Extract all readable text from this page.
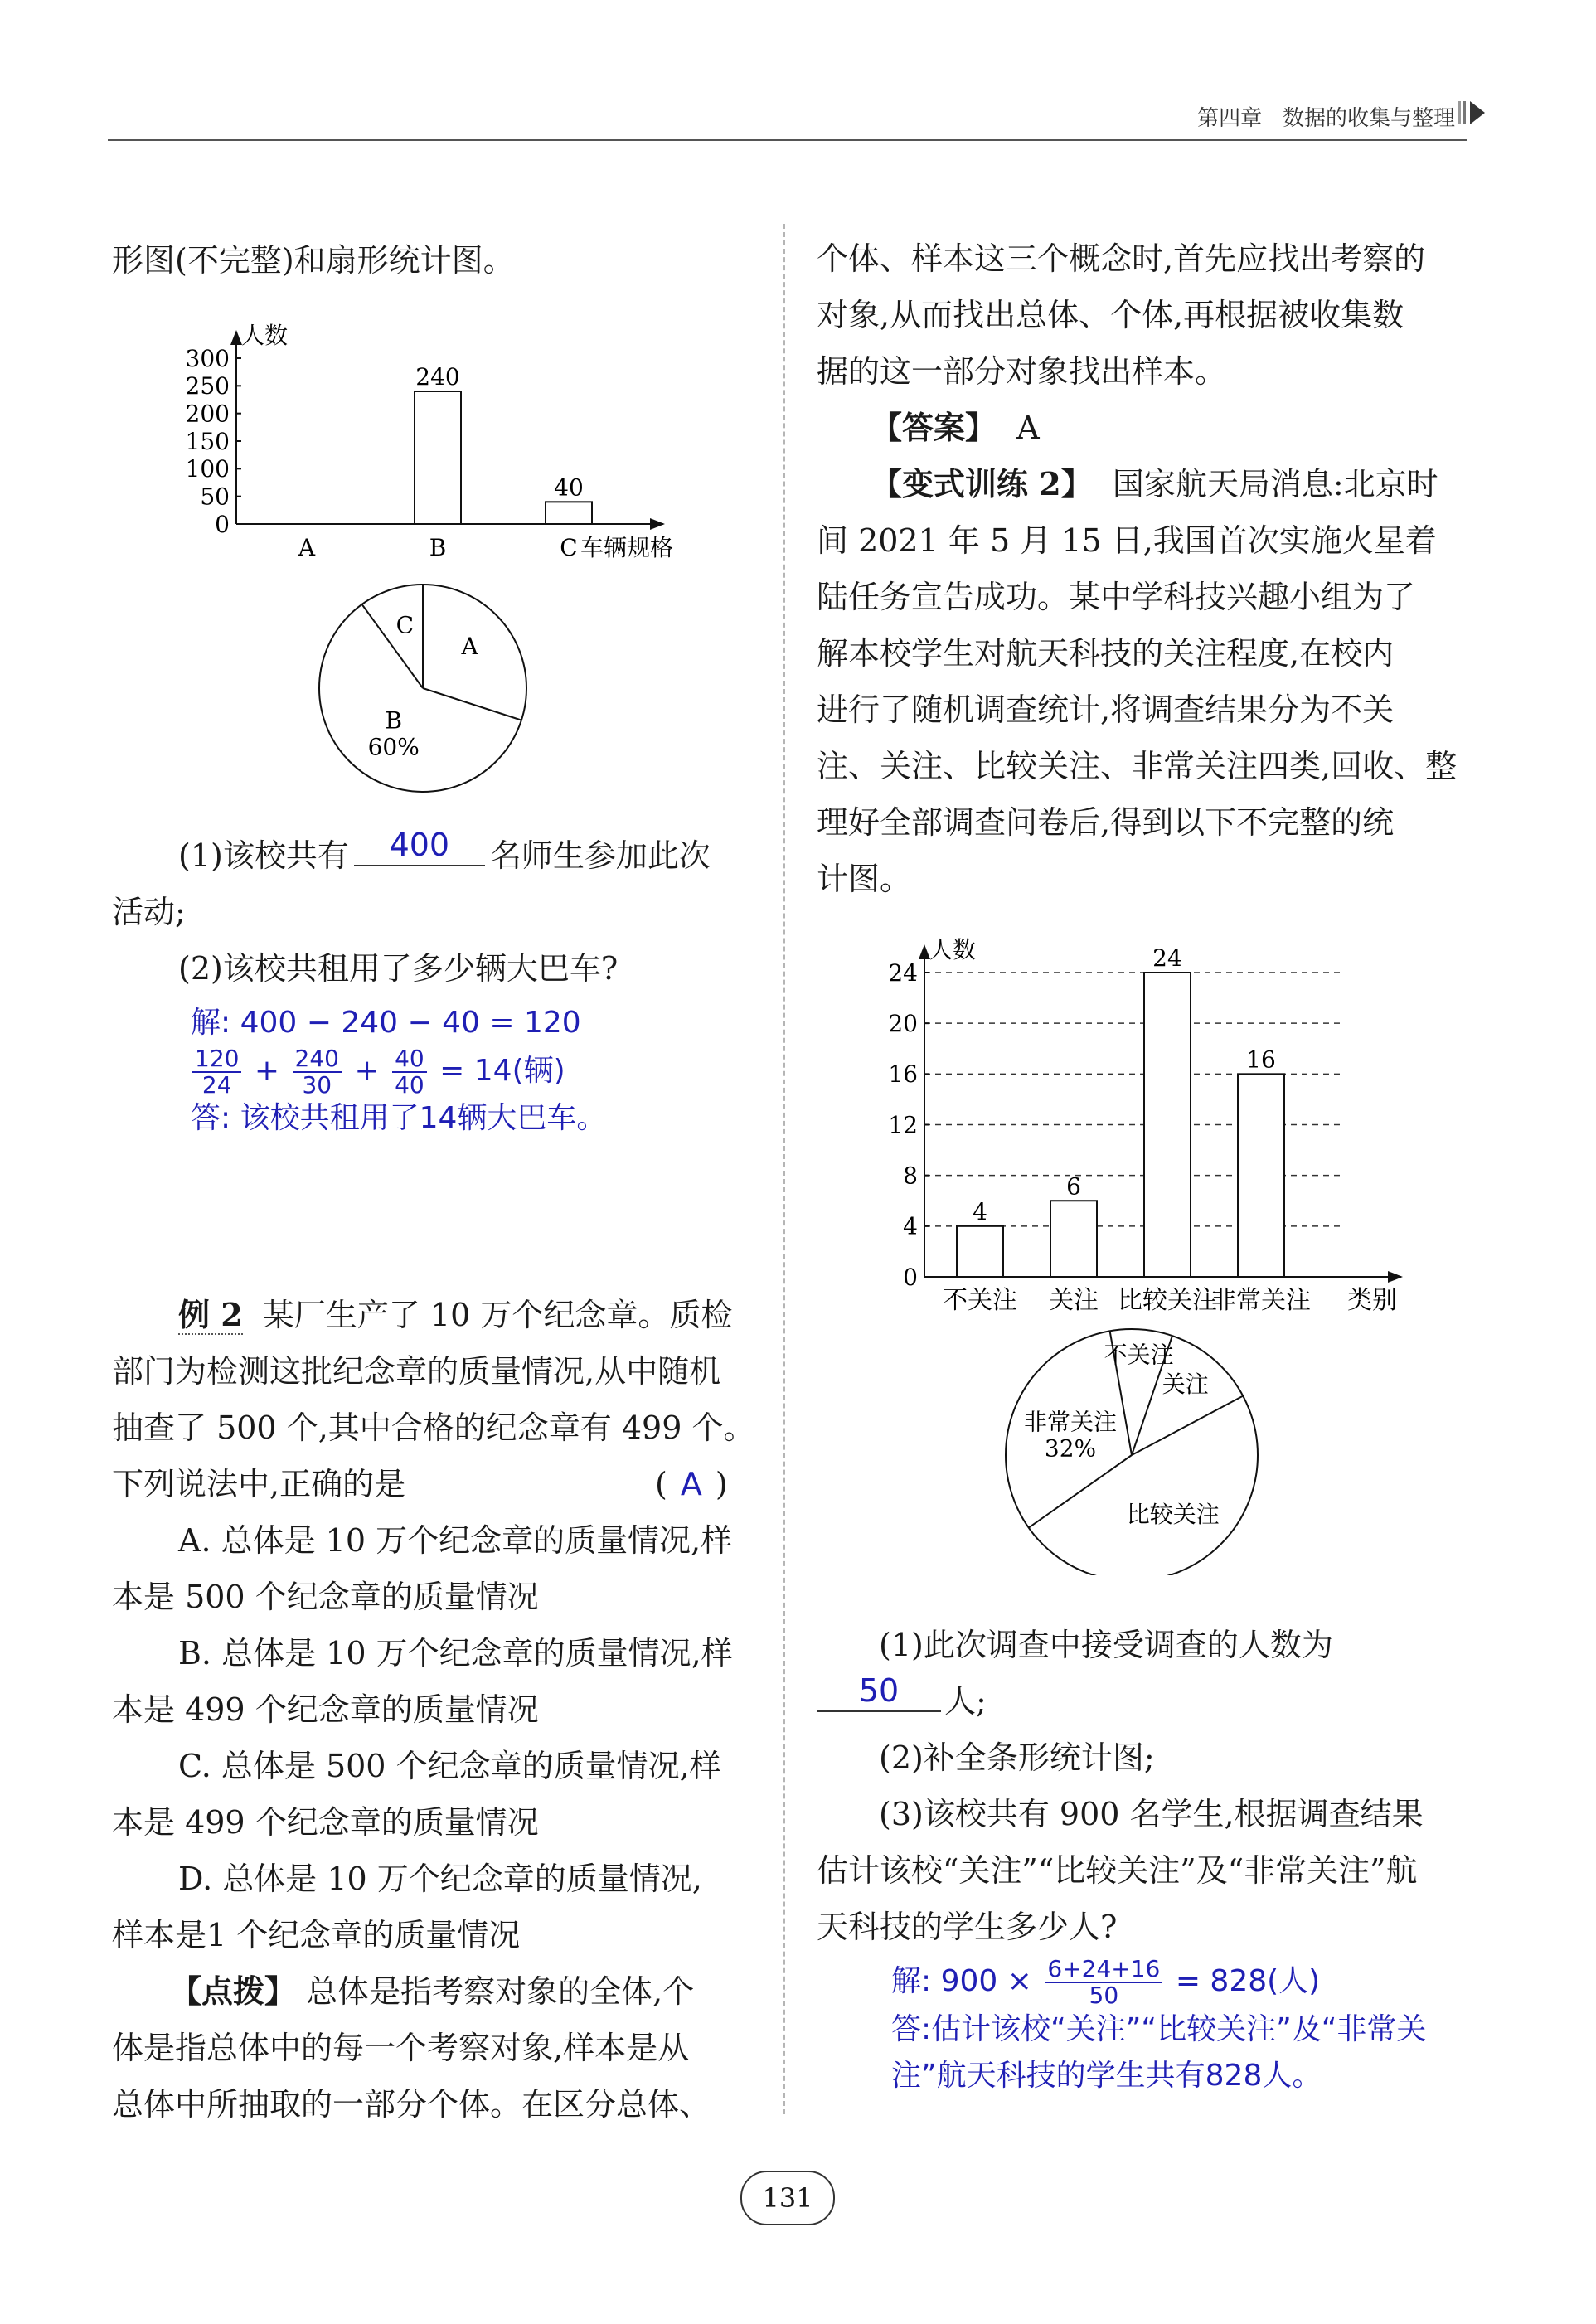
第四章 数据的收集与整理
形图(不完整)和扇形统计图。
人数
0
50
100
150
200
250
300
A
240
B
40
C 车辆规格
A
B
60%
C
(1)该校共有	400	名师生参加此次
活动;
(2)该校共租用了多少辆大巴车?
解: 400 − 240 − 40 = 120
$\frac{120}{24} + \frac{240}{30} + \frac{40}{40} = 14$(辆)
答: 该校共租用了14辆大巴车。
例 2 某厂生产了 10 万个纪念章。质检
部门为检测这批纪念章的质量情况,从中随机
抽查了 500 个,其中合格的纪念章有 499 个。
下列说法中,正确的是	( A )
A. 总体是 10 万个纪念章的质量情况,样
本是 500 个纪念章的质量情况
B. 总体是 10 万个纪念章的质量情况,样
本是 499 个纪念章的质量情况
C. 总体是 500 个纪念章的质量情况,样
本是 499 个纪念章的质量情况
D. 总体是 10 万个纪念章的质量情况,
样本是1 个纪念章的质量情况
【点拨】 总体是指考察对象的全体,个
体是指总体中的每一个考察对象,样本是从
总体中所抽取的一部分个体。在区分总体、
个体、样本这三个概念时,首先应找出考察的
对象,从而找出总体、个体,再根据被收集数
据的这一部分对象找出样本。
【答案】 A
【变式训练 2】 国家航天局消息:北京时
间 2021 年 5 月 15 日,我国首次实施火星着
陆任务宣告成功。某中学科技兴趣小组为了
解本校学生对航天科技的关注程度,在校内
进行了随机调查统计,将调查结果分为不关
注、关注、比较关注、非常关注四类,回收、整
理好全部调查问卷后,得到以下不完整的统
计图。
人数
0
4
8
12
16
20
24
4
不关注
6
关注
24
比较关注
16
非常关注 类别
不关注
关注
比较关注
非常关注
32%
(1)此次调查中接受调查的人数为
50	人;
(2)补全条形统计图;
(3)该校共有 900 名学生,根据调查结果
估计该校“关注”“比较关注”及“非常关注”航
天科技的学生多少人?
解: $900 \times \frac{6+24+16}{50} = 828$(人)
答:估计该校“关注”“比较关注”及“非常关
注”航天科技的学生共有828人。
131
